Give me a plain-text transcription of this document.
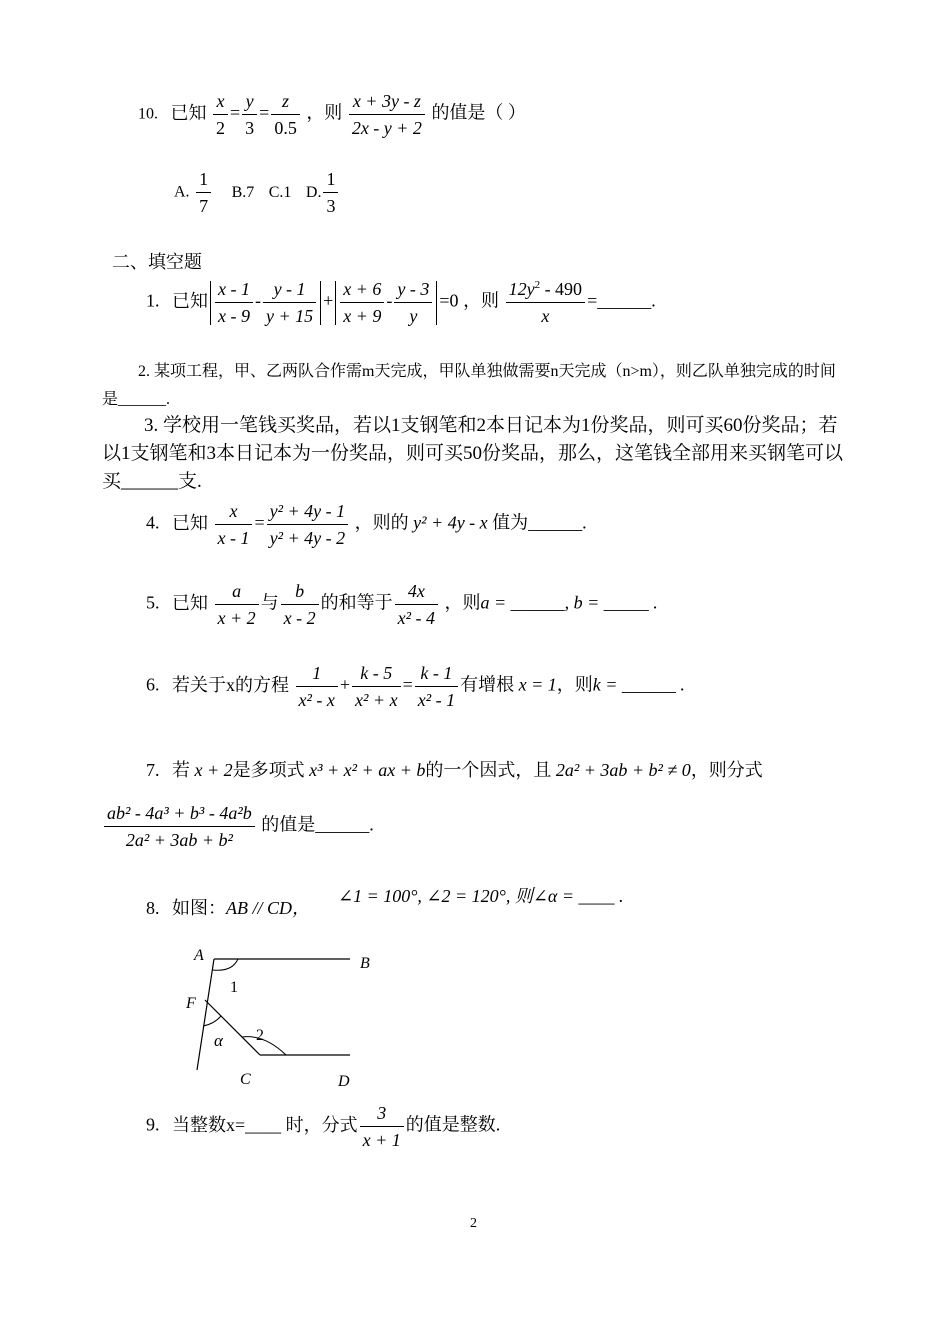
10. 已知 $\frac{x}{2} = \frac{y}{3} = \frac{z}{0.5}$ ，则 $\frac{x + 3y - z}{2x - y + 2}$ 的值是（ ）
A. $\frac{1}{7} B.7$ C.1 D. $\frac{1}{3}$
二、填空题
1. 已知 $\frac{x - 1}{x - 9} - \frac{y - 1}{y + 15} + \frac{x + 6}{x + 9} - \frac{y - 3}{y} =0$ ，则 $\frac{12y^2 - 490}{x}$ =______.
2. 某项工程，甲、乙两队合作需m天完成，甲队单独做需要n天完成（n>m），则乙队单独完成的时间是______.
3. 学校用一笔钱买奖品，若以1支钢笔和2本日记本为1份奖品，则可买60份奖品；若以1支钢笔和3本日记本为一份奖品，则可买50份奖品，那么，这笔钱全部用来买钢笔可以买______支.
4. 已知 $\frac{x}{x - 1} = \frac{\text{y² + 4y - 1}}{\text{y² + 4y - 2}}$ ，则的 y² + 4y - x 值为______.
5. 已知 $\frac{a}{x + 2}$ 与 $\frac{b}{x - 2}$ 的和等于 $\frac{4x}{\text{x² - 4}}$ ，则a = ______, b = _____ .
6. 若关于x的方程 $\frac{1}{\text{x² - x}} + \frac{k - 5}{\text{x² + x}} = \frac{k - 1}{\text{x² - 1}}$ 有增根 x = 1，则k = ______ .
7. 若 x + 2是多项式 x³ + x² + ax + b的一个因式，且 2a² + 3ab + b² ≠ 0，则分式
$\frac{\text{ab² - 4a³ + b³ - 4a²b}}{\text{2a² + 3ab + b²}}$ 的值是______.
8. 如图：AB // CD，
∠1 = 100°, ∠2 = 120°, 则∠α = ____ .
A	B
F
1
α 2
C	D
9. 当整数x=____ 时，分式 $\frac{3}{x + 1}$ 的值是整数.
2
